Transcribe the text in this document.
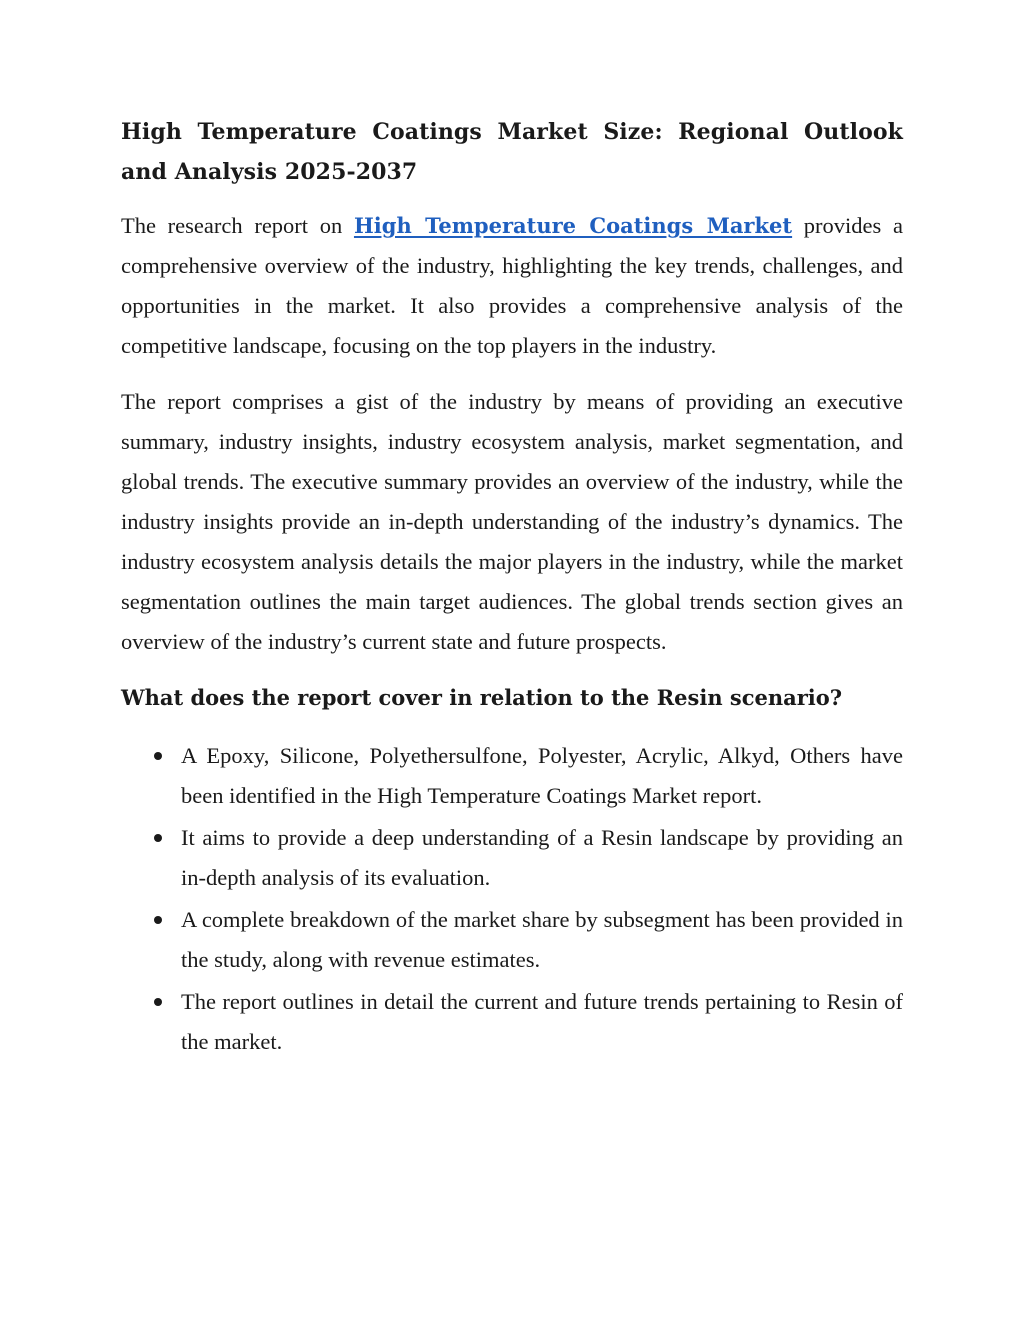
High Temperature Coatings Market Size: Regional Outlook and Analysis 2025-2037

The research report on High Temperature Coatings Market provides a comprehensive overview of the industry, highlighting the key trends, challenges, and opportunities in the market. It also provides a comprehensive analysis of the competitive landscape, focusing on the top players in the industry.

The report comprises a gist of the industry by means of providing an executive summary, industry insights, industry ecosystem analysis, market segmentation, and global trends. The executive summary provides an overview of the industry, while the industry insights provide an in-depth understanding of the industry’s dynamics. The industry ecosystem analysis details the major players in the industry, while the market segmentation outlines the main target audiences. The global trends section gives an overview of the industry’s current state and future prospects.

What does the report cover in relation to the Resin scenario?
A Epoxy, Silicone, Polyethersulfone, Polyester, Acrylic, Alkyd, Others have been identified in the High Temperature Coatings Market report.
It aims to provide a deep understanding of a Resin landscape by providing an in-depth analysis of its evaluation.
A complete breakdown of the market share by subsegment has been provided in the study, along with revenue estimates.
The report outlines in detail the current and future trends pertaining to Resin of the market.
